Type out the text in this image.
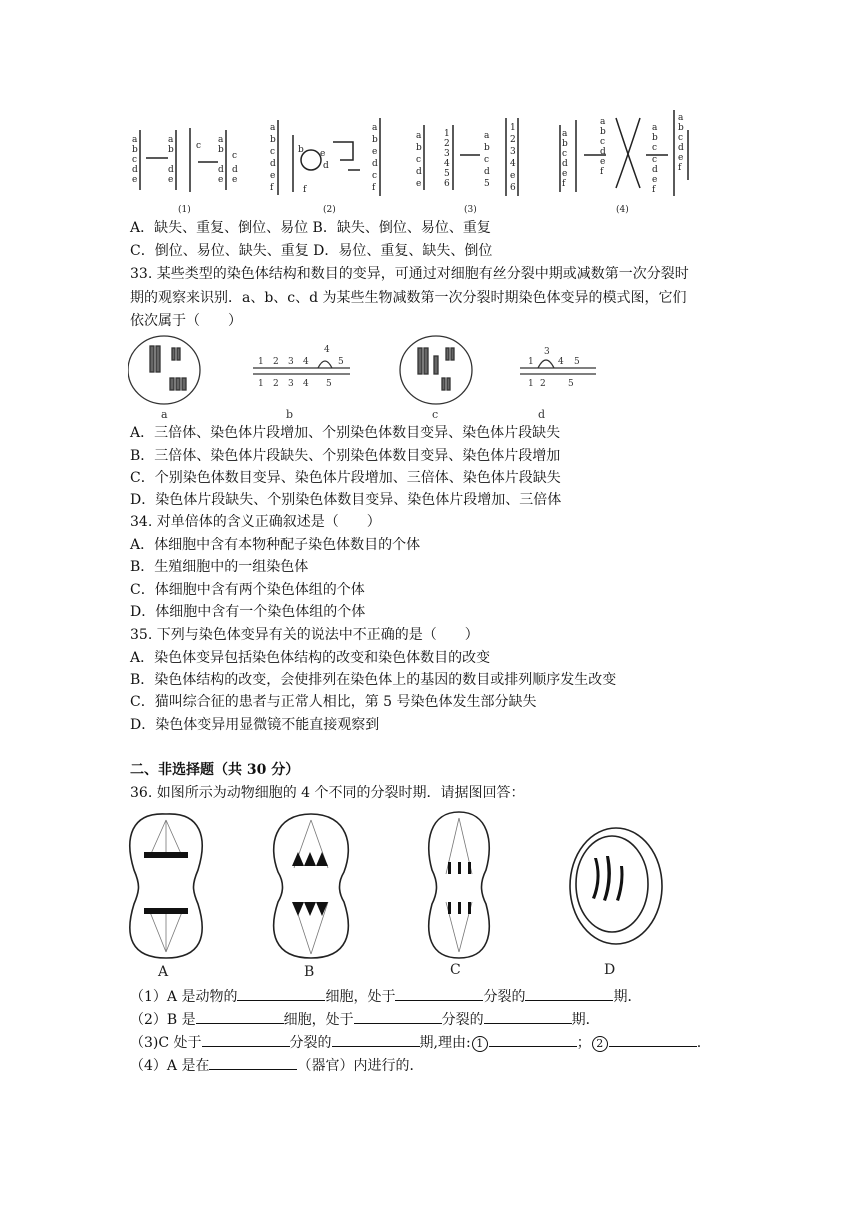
a
b
c
d
e
a
b
d
e
c
a
b
c
d d
e e
a
b
c
d
e
f
b e
d
f
a
b
e
d
c
f
a
b
c
d
e
1
2
3
4
5
6
a
b
c
d
5
1
2
3
4
e
6
a
b
c
d
e
f
a
b
c
d
e
f
a
b
c
c
d
e
f
a
b
c
d
e
f
(1)	(2)	(3)	(4)
A．缺失、重复、倒位、易位 B．缺失、倒位、易位、重复
C．倒位、易位、缺失、重复 D．易位、重复、缺失、倒位
33. 某些类型的染色体结构和数目的变异，可通过对细胞有丝分裂中期或减数第一次分裂时
期的观察来识别．a、b、c、d 为某些生物减数第一次分裂时期染色体变异的模式图，它们
依次属于（　　）
1 2 3 4
4
5
1 2 3 4 5
1
3
4 5
1 2 5
a	b	c	d
A．三倍体、染色体片段增加、个别染色体数目变异、染色体片段缺失
B．三倍体、染色体片段缺失、个别染色体数目变异、染色体片段增加
C．个别染色体数目变异、染色体片段增加、三倍体、染色体片段缺失
D．染色体片段缺失、个别染色体数目变异、染色体片段增加、三倍体
34. 对单倍体的含义正确叙述是（　　）
A．体细胞中含有本物种配子染色体数目的个体
B．生殖细胞中的一组染色体
C．体细胞中含有两个染色体组的个体
D．体细胞中含有一个染色体组的个体
35. 下列与染色体变异有关的说法中不正确的是（　　）
A．染色体变异包括染色体结构的改变和染色体数目的改变
B．染色体结构的改变，会使排列在染色体上的基因的数目或排列顺序发生改变
C．猫叫综合征的患者与正常人相比，第 5 号染色体发生部分缺失
D．染色体变异用显微镜不能直接观察到
二、非选择题（共 30 分）
36. 如图所示为动物细胞的 4 个不同的分裂时期．请据图回答：
A	B	C	D
（1）A 是动物的	细胞，处于	分裂的	期．
（2）B 是	细胞，处于	分裂的	期．
（3)C 处于	分裂的	期,理由: 1	； 2	.
（4）A 是在	（器官）内进行的．
